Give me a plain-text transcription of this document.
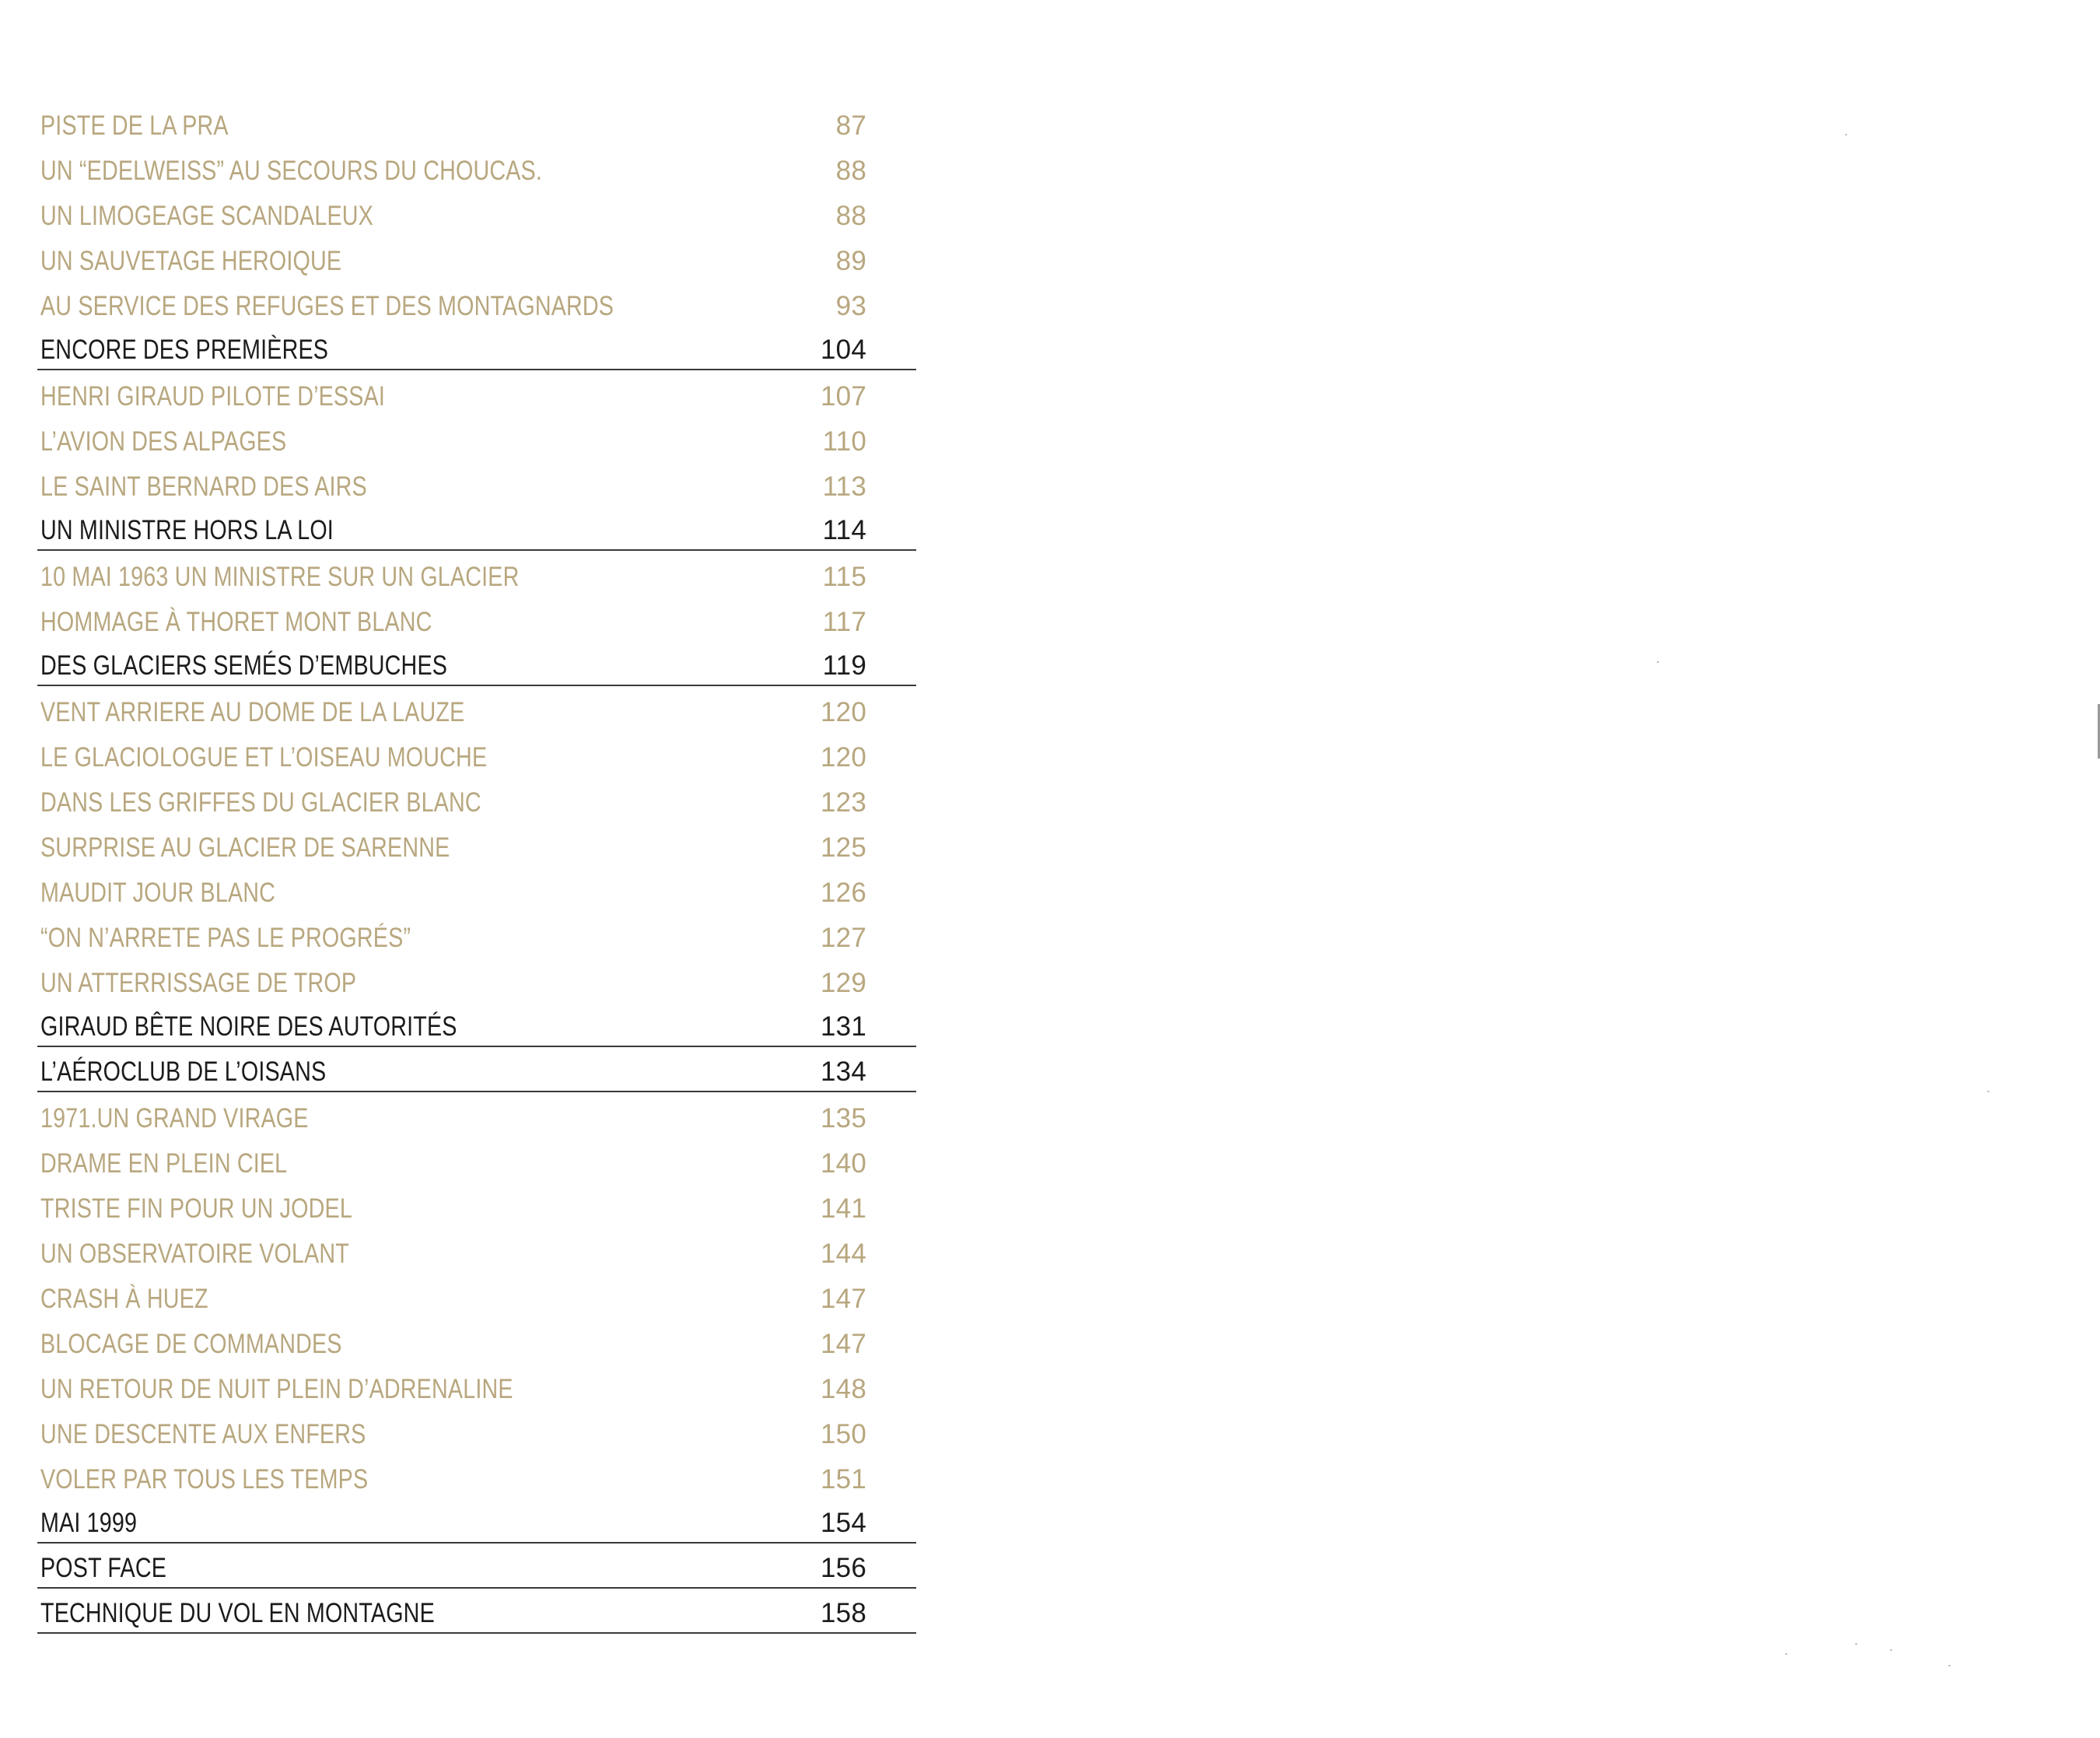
PISTE DE LA PRA	87
UN “EDELWEISS” AU SECOURS DU CHOUCAS.	88
UN LIMOGEAGE SCANDALEUX	88
UN SAUVETAGE HEROIQUE	89
AU SERVICE DES REFUGES ET DES MONTAGNARDS	93
ENCORE DES PREMIÈRES	104
HENRI GIRAUD PILOTE D’ESSAI	107
L’AVION DES ALPAGES	110
LE SAINT BERNARD DES AIRS	113
UN MINISTRE HORS LA LOI	114
10 MAI 1963 UN MINISTRE SUR UN GLACIER	115
HOMMAGE À THORET MONT BLANC	117
DES GLACIERS SEMÉS D’EMBUCHES	119
VENT ARRIERE AU DOME DE LA LAUZE	120
LE GLACIOLOGUE ET L’OISEAU MOUCHE	120
DANS LES GRIFFES DU GLACIER BLANC	123
SURPRISE AU GLACIER DE SARENNE	125
MAUDIT JOUR BLANC	126
“ON N’ARRETE PAS LE PROGRÉS”	127
UN ATTERRISSAGE DE TROP	129
GIRAUD BÊTE NOIRE DES AUTORITÉS	131
L’AÉROCLUB DE L’OISANS	134
1971.UN GRAND VIRAGE	135
DRAME EN PLEIN CIEL	140
TRISTE FIN POUR UN JODEL	141
UN OBSERVATOIRE VOLANT	144
CRASH À HUEZ	147
BLOCAGE DE COMMANDES	147
UN RETOUR DE NUIT PLEIN D’ADRENALINE	148
UNE DESCENTE AUX ENFERS	150
VOLER PAR TOUS LES TEMPS	151
MAI 1999	154
POST FACE	156
TECHNIQUE DU VOL EN MONTAGNE	158
